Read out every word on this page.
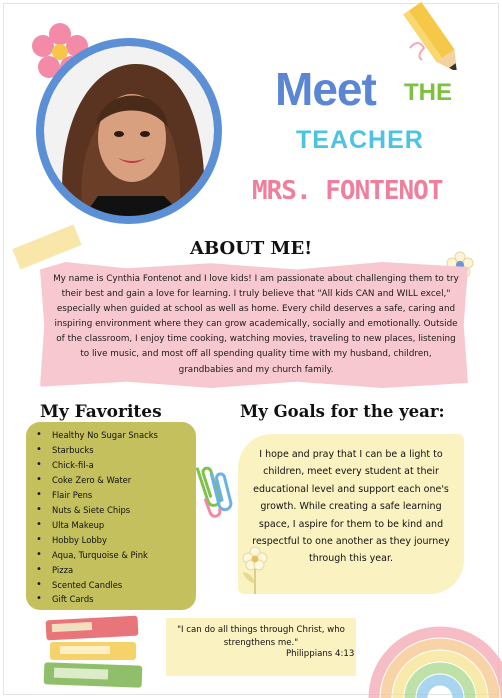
Meet THE
TEACHER
MRS. FONTENOT
ABOUT ME!
My name is Cynthia Fontenot and I love kids! I am passionate about challenging them to try their best and gain a love for learning. I truly believe that "All kids CAN and WILL excel," especially when guided at school as well as home. Every child deserves a safe, caring and inspiring environment where they can grow academically, socially and emotionally. Outside of the classroom, I enjoy time cooking, watching movies, traveling to new places, listening to live music, and most off all spending quality time with my husband, children, grandbabies and my church family.
My Favorites
• Healthy No Sugar Snacks
• Starbucks
• Chick-fil-a
• Coke Zero & Water
• Flair Pens
• Nuts & Siete Chips
• Ulta Makeup
• Hobby Lobby
• Aqua, Turquoise & Pink
• Pizza
• Scented Candles
• Gift Cards
My Goals for the year:
I hope and pray that I can be a light to children, meet every student at their educational level and support each one's growth. While creating a safe learning space, I aspire for them to be kind and respectful to one another as they journey through this year.
"I can do all things through Christ, who strengthens me."
Philippians 4:13
